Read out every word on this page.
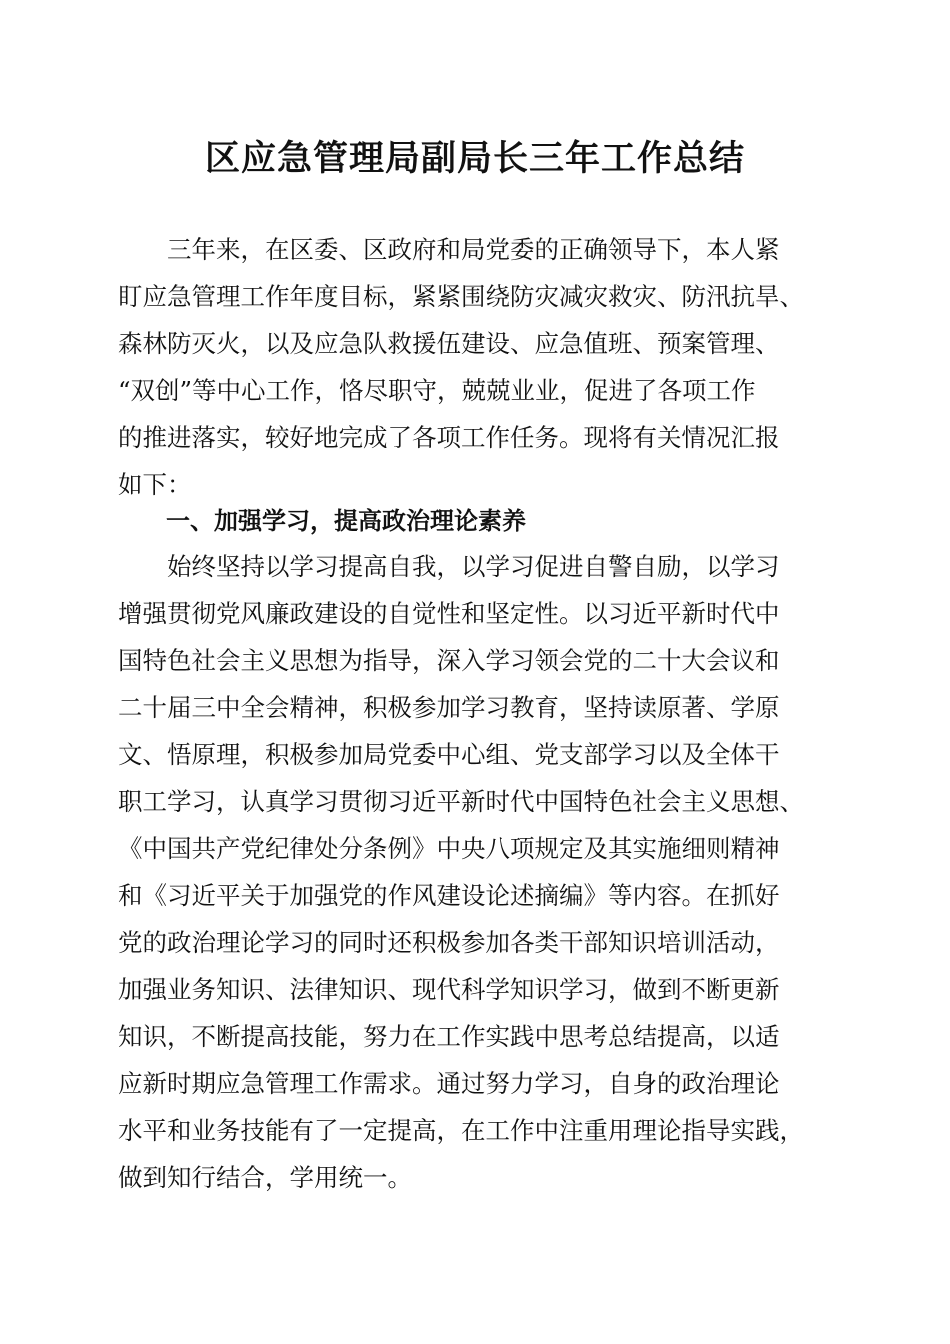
区应急管理局副局长三年工作总结
　　三年来，在区委、区政府和局党委的正确领导下，本人紧
盯应急管理工作年度目标，紧紧围绕防灾减灾救灾、防汛抗旱、
森林防灭火，以及应急队救援伍建设、应急值班、预案管理、
“双创”等中心工作，恪尽职守，兢兢业业，促进了各项工作
的推进落实，较好地完成了各项工作任务。现将有关情况汇报
如下：
　　一、加强学习，提高政治理论素养
　　始终坚持以学习提高自我，以学习促进自警自励，以学习
增强贯彻党风廉政建设的自觉性和坚定性。以习近平新时代中
国特色社会主义思想为指导，深入学习领会党的二十大会议和
二十届三中全会精神，积极参加学习教育，坚持读原著、学原
文、悟原理，积极参加局党委中心组、党支部学习以及全体干
职工学习，认真学习贯彻习近平新时代中国特色社会主义思想、
《中国共产党纪律处分条例》中央八项规定及其实施细则精神
和《习近平关于加强党的作风建设论述摘编》等内容。在抓好
党的政治理论学习的同时还积极参加各类干部知识培训活动，
加强业务知识、法律知识、现代科学知识学习，做到不断更新
知识，不断提高技能，努力在工作实践中思考总结提高，以适
应新时期应急管理工作需求。通过努力学习，自身的政治理论
水平和业务技能有了一定提高，在工作中注重用理论指导实践，
做到知行结合，学用统一。
